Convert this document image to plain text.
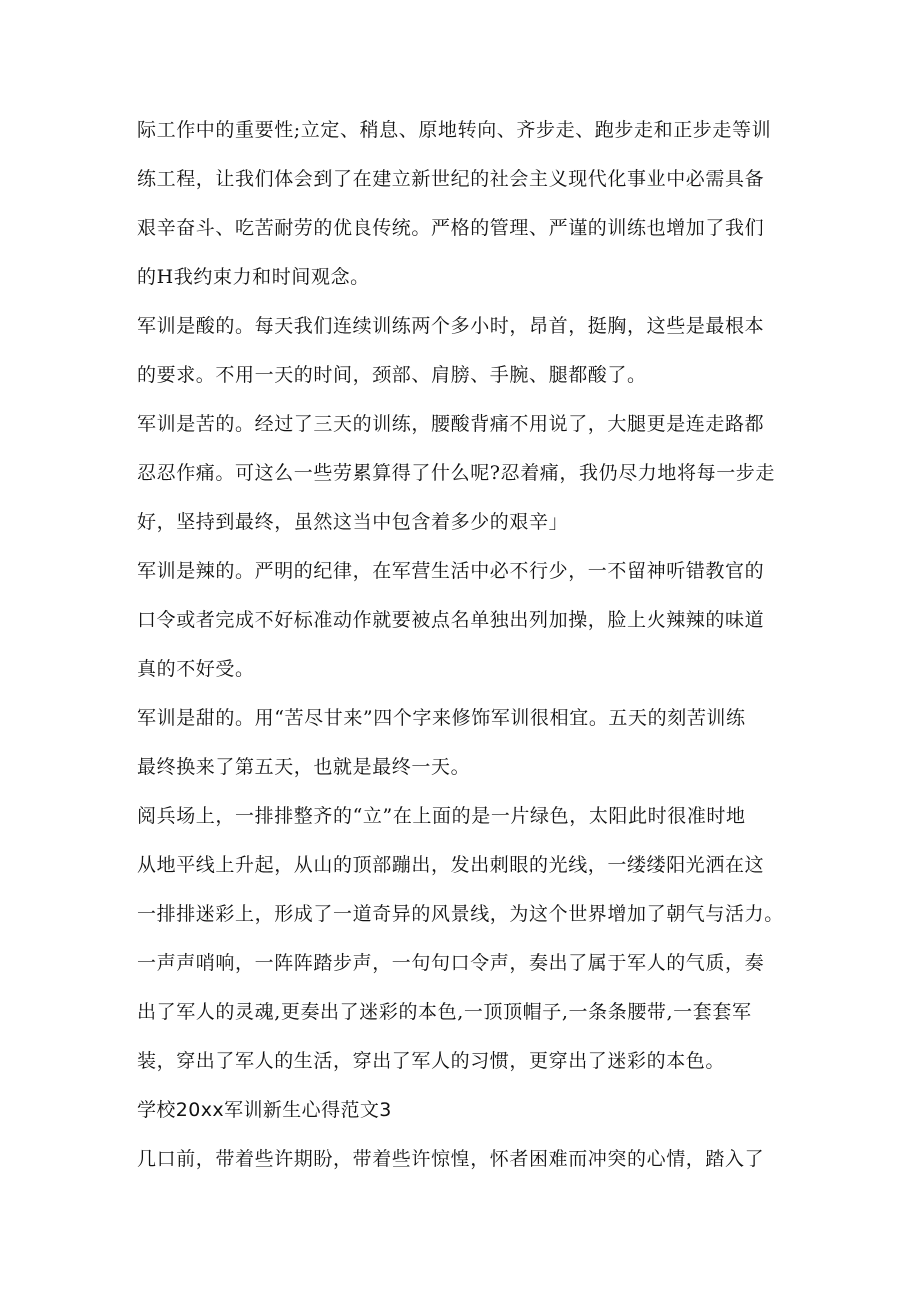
际工作中的重要性;立定、稍息、原地转向、齐步走、跑步走和正步走等训
练工程，让我们体会到了在建立新世纪的社会主义现代化事业中必需具备
艰辛奋斗、吃苦耐劳的优良传统。严格的管理、严谨的训练也增加了我们
的H我约束力和时间观念。
军训是酸的。每天我们连续训练两个多小时，昂首，挺胸，这些是最根本
的要求。不用一天的时间，颈部、肩膀、手腕、腿都酸了。
军训是苦的。经过了三天的训练，腰酸背痛不用说了，大腿更是连走路都
忍忍作痛。可这么一些劳累算得了什么呢?忍着痛，我仍尽力地将每一步走
好，坚持到最终，虽然这当中包含着多少的艰辛」
军训是辣的。严明的纪律，在军营生活中必不行少，一不留神听错教官的
口令或者完成不好标准动作就要被点名单独出列加操，脸上火辣辣的味道
真的不好受。
军训是甜的。用“苦尽甘来”四个字来修饰军训很相宜。五天的刻苦训练
最终换来了第五天，也就是最终一天。
阅兵场上，一排排整齐的“立”在上面的是一片绿色，太阳此时很准时地
从地平线上升起，从山的顶部蹦出，发出刺眼的光线，一缕缕阳光洒在这
一排排迷彩上，形成了一道奇异的风景线，为这个世界增加了朝气与活力。
一声声哨响，一阵阵踏步声，一句句口令声，奏出了属于军人的气质，奏
出了军人的灵魂,更奏出了迷彩的本色,一顶顶帽子,一条条腰带,一套套军
装，穿出了军人的生活，穿出了军人的习惯，更穿出了迷彩的本色。
学校20xx军训新生心得范文3
几口前，带着些许期盼，带着些许惊惶，怀者困难而冲突的心情，踏入了
